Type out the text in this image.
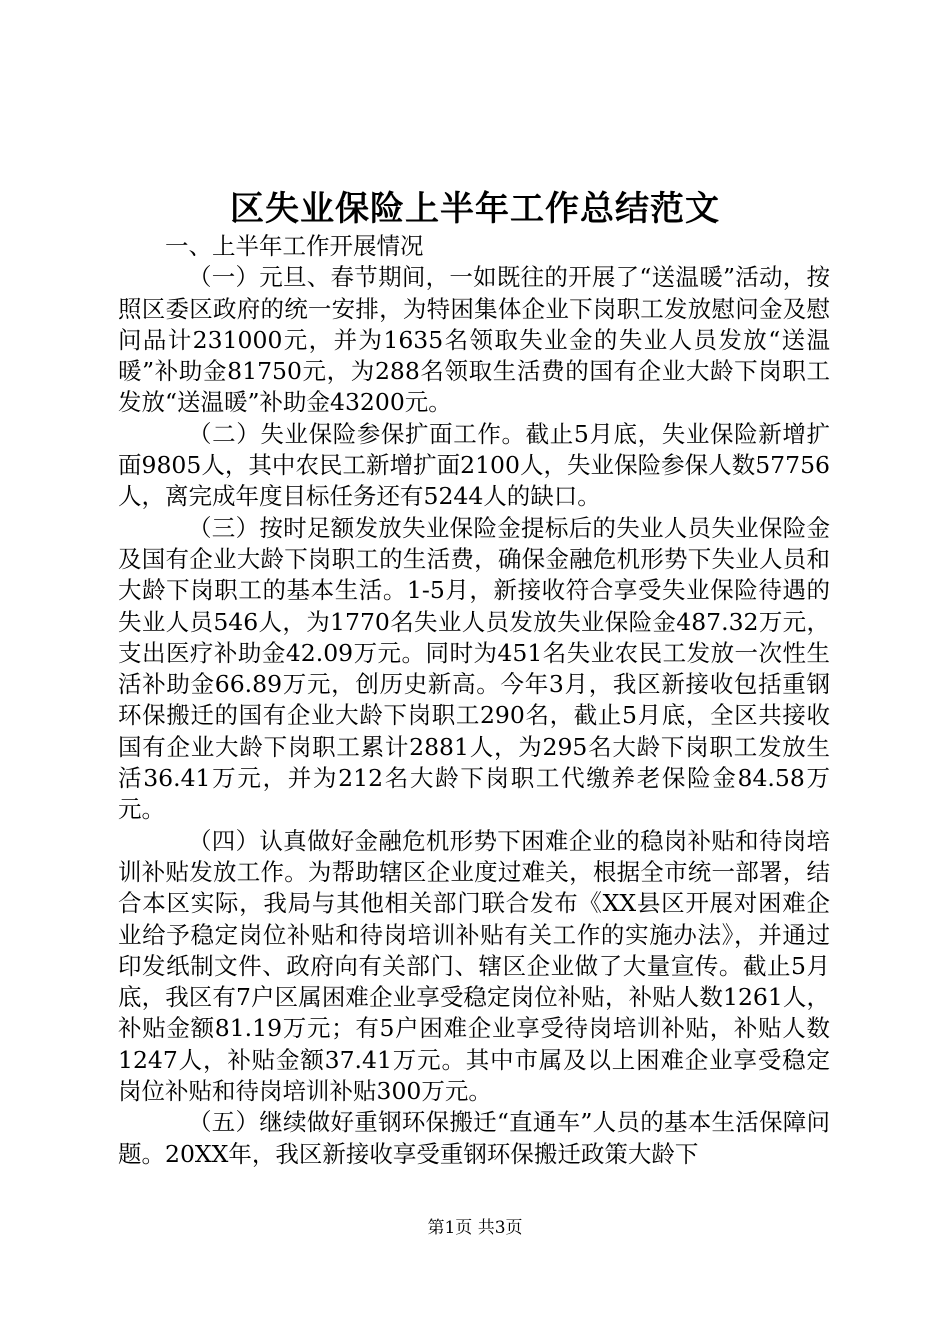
区失业保险上半年工作总结范文

一、上半年工作开展情况

（一）元旦、春节期间，一如既往的开展了“送温暖”活动，按照区委区政府的统一安排，为特困集体企业下岗职工发放慰问金及慰问品计231000元，并为1635名领取失业金的失业人员发放“送温暖”补助金81750元，为288名领取生活费的国有企业大龄下岗职工发放“送温暖”补助金43200元。

（二）失业保险参保扩面工作。截止5月底，失业保险新增扩面9805人，其中农民工新增扩面2100人，失业保险参保人数57756人，离完成年度目标任务还有5244人的缺口。

（三）按时足额发放失业保险金提标后的失业人员失业保险金及国有企业大龄下岗职工的生活费，确保金融危机形势下失业人员和大龄下岗职工的基本生活。1-5月，新接收符合享受失业保险待遇的失业人员546人，为1770名失业人员发放失业保险金487.32万元，支出医疗补助金42.09万元。同时为451名失业农民工发放一次性生活补助金66.89万元，创历史新高。今年3月，我区新接收包括重钢环保搬迁的国有企业大龄下岗职工290名，截止5月底，全区共接收国有企业大龄下岗职工累计2881人，为295名大龄下岗职工发放生活36.41万元，并为212名大龄下岗职工代缴养老保险金84.58万元。

（四）认真做好金融危机形势下困难企业的稳岗补贴和待岗培训补贴发放工作。为帮助辖区企业度过难关，根据全市统一部署，结合本区实际，我局与其他相关部门联合发布《XX县区开展对困难企业给予稳定岗位补贴和待岗培训补贴有关工作的实施办法》，并通过印发纸制文件、政府向有关部门、辖区企业做了大量宣传。截止5月底，我区有7户区属困难企业享受稳定岗位补贴，补贴人数1261人，补贴金额81.19万元；有5户困难企业享受待岗培训补贴，补贴人数1247人，补贴金额37.41万元。其中市属及以上困难企业享受稳定岗位补贴和待岗培训补贴300万元。

（五）继续做好重钢环保搬迁“直通车”人员的基本生活保障问题。20XX年，我区新接收享受重钢环保搬迁政策大龄下

第1页 共3页
